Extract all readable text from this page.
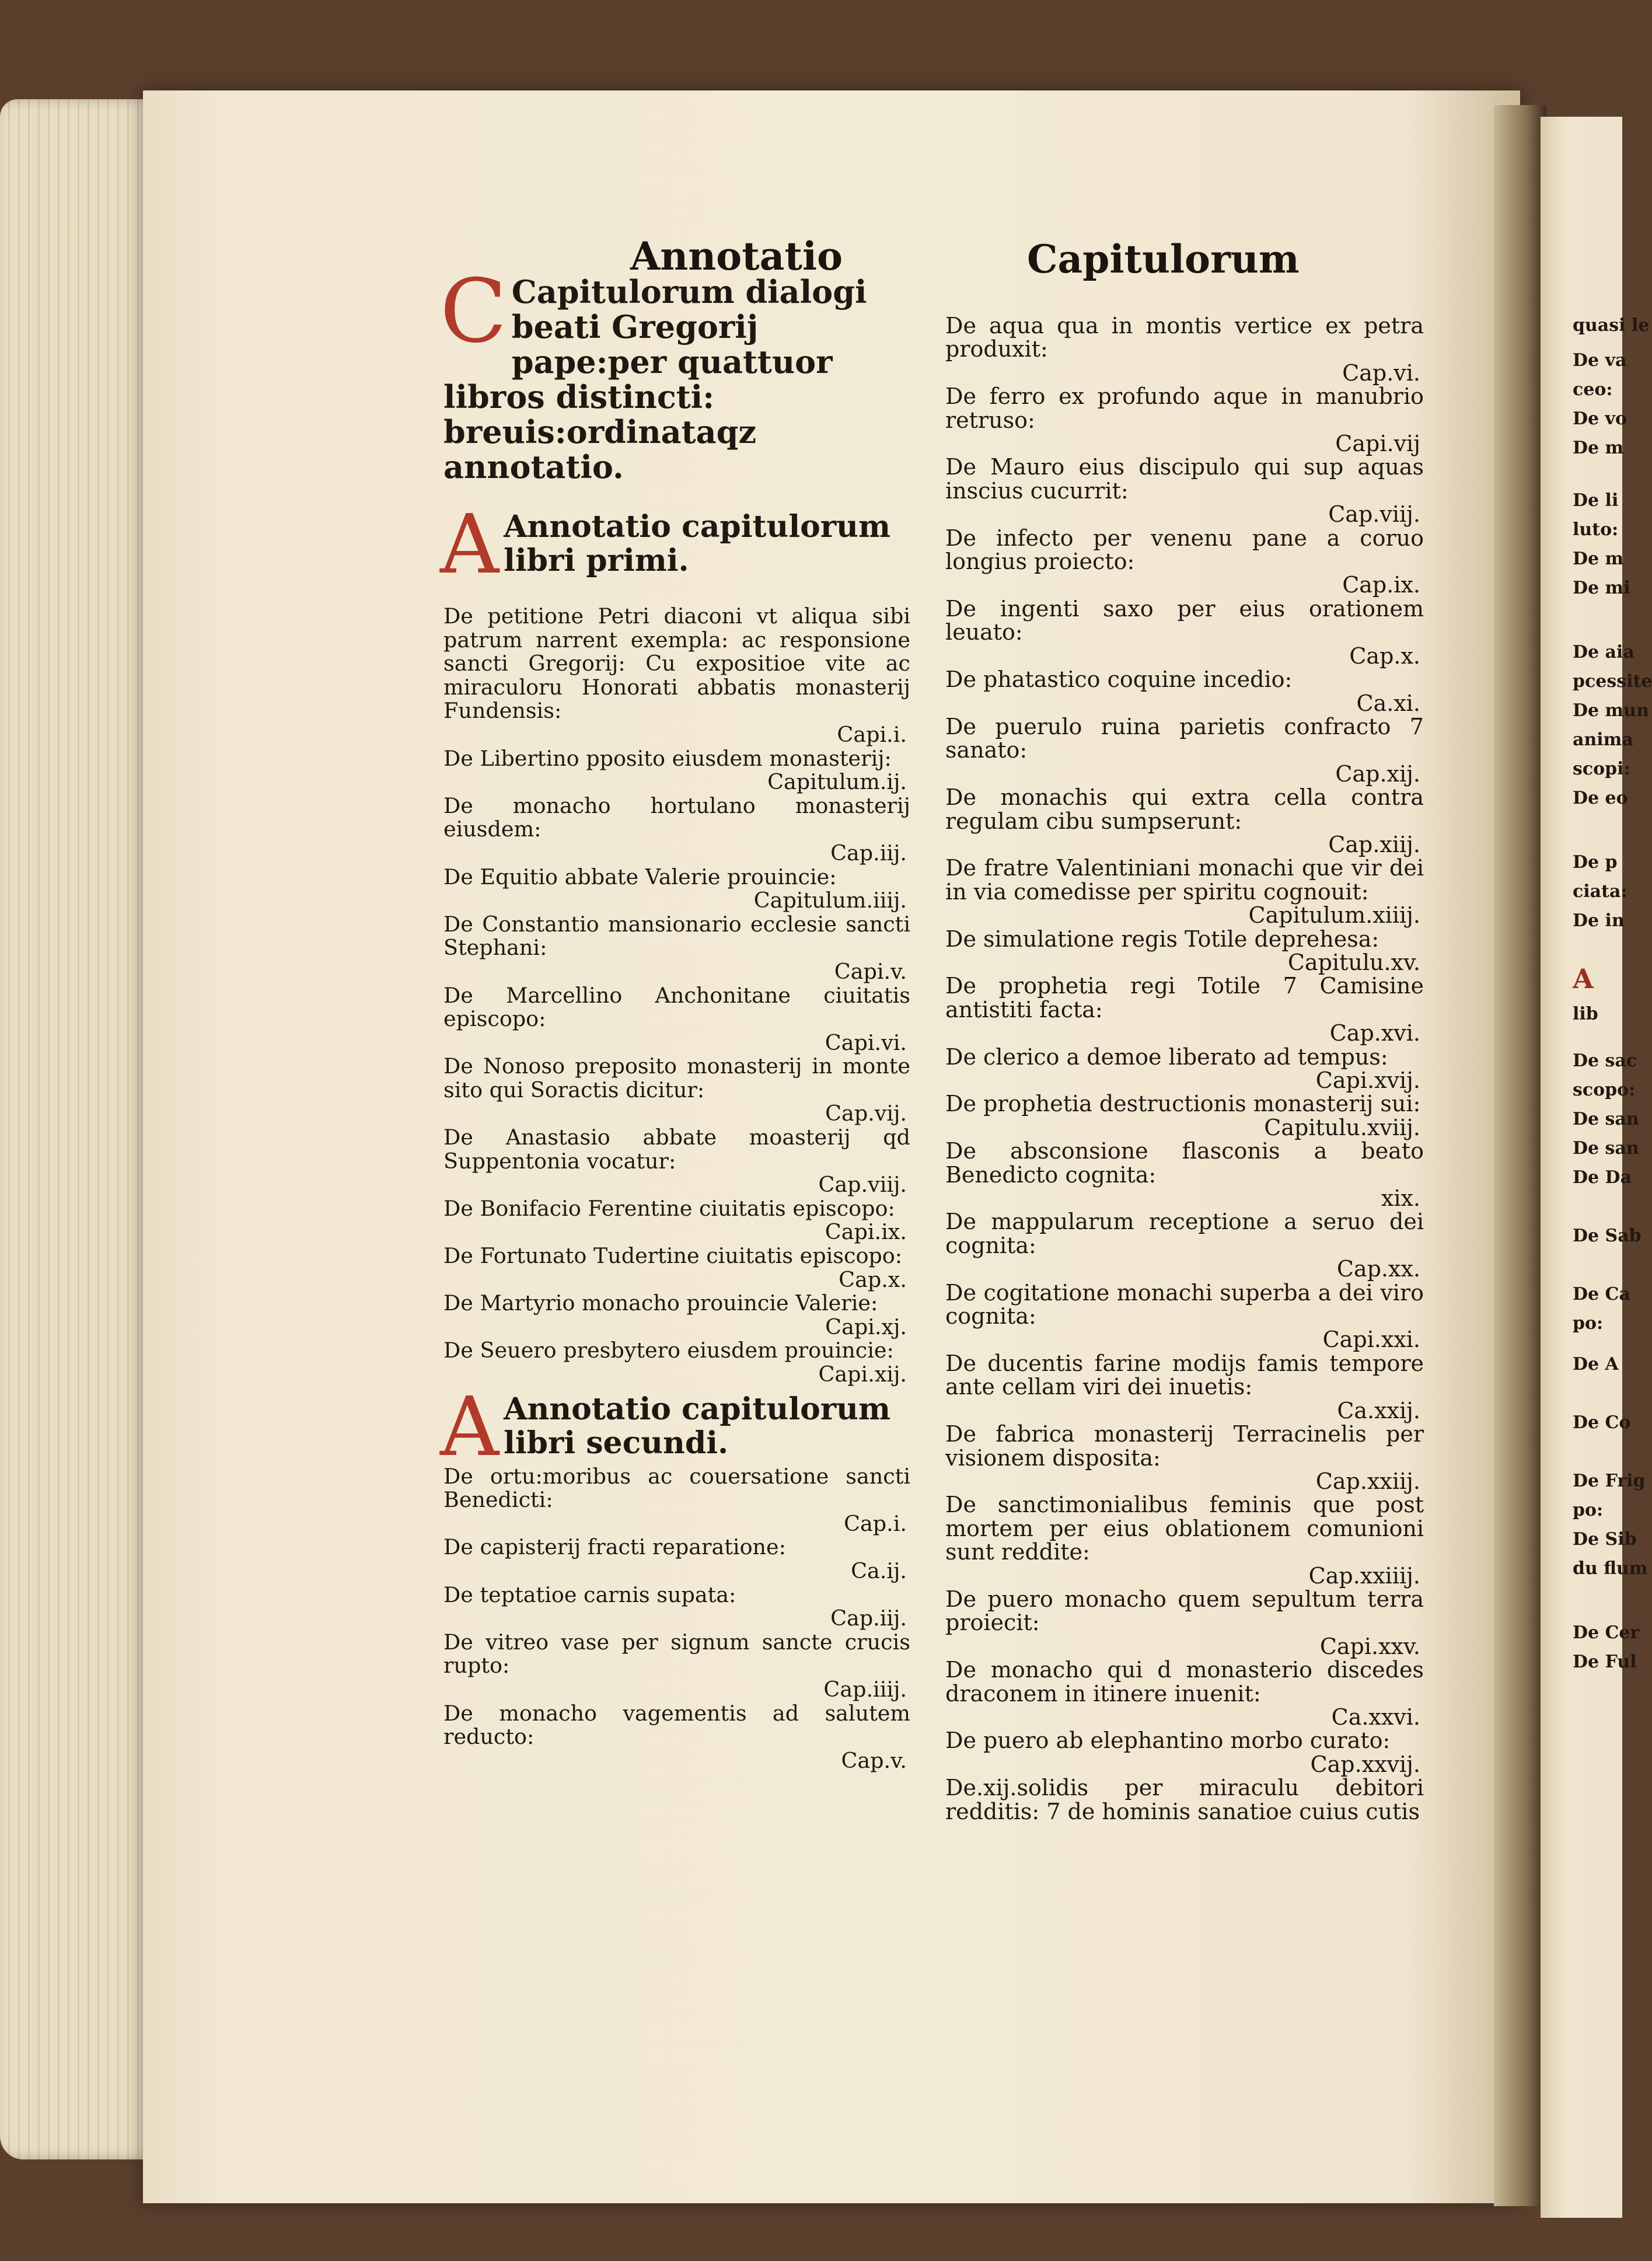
quasi le
De va
ceo:
De vo
De m
De li
luto:
De m
De mi
De aia
pcessite
De mun
anima
scopi:
De eo
De p
ciata:
De in
A
lib
De sac
scopo:
De san
De san
De Da
De Sab
De Ca
po:
De A
De Co
De Frig
po:
De Sib
du flum
De Cer
De Ful
Annotatio	Capitulorum
C Capitulorum dialogi beati Gregorij pape:per quattuor libros distincti: breuis:ordinataqz annotatio.
A Annotatio capitulorum libri primi.
De petitione Petri diaconi vt aliqua sibi patrum narrent exempla: ac responsione sancti Gregorij: Cu expositioe vite ac miraculoru Honorati abbatis monasterij Fundensis:
Capi.i.
De Libertino pposito eiusdem monasterij:
Capitulum.ij.
De monacho hortulano monasterij eiusdem:
Cap.iij.
De Equitio abbate Valerie prouincie:
Capitulum.iiij.
De Constantio mansionario ecclesie sancti Stephani:
Capi.v.
De Marcellino Anchonitane ciuitatis episcopo:
Capi.vi.
De Nonoso preposito monasterij in monte sito qui Soractis dicitur:
Cap.vij.
De Anastasio abbate moasterij qd Suppentonia vocatur:
Cap.viij.
De Bonifacio Ferentine ciuitatis episcopo:
Capi.ix.
De Fortunato Tudertine ciuitatis episcopo:
Cap.x.
De Martyrio monacho prouincie Valerie:
Capi.xj.
De Seuero presbytero eiusdem prouincie:
Capi.xij.
A Annotatio capitulorum libri secundi.
De ortu:moribus ac couersatione sancti Benedicti:
Cap.i.
De capisterij fracti reparatione:
Ca.ij.
De teptatioe carnis supata:
Cap.iij.
De vitreo vase per signum sancte crucis rupto:
Cap.iiij.
De monacho vagementis ad salutem reducto:
Cap.v.
De aqua qua in montis vertice ex petra produxit:
Cap.vi.
De ferro ex profundo aque in manubrio retruso:
Capi.vij
De Mauro eius discipulo qui sup aquas inscius cucurrit:
Cap.viij.
De infecto per venenu pane a coruo longius proiecto:
Cap.ix.
De ingenti saxo per eius orationem leuato:
Cap.x.
De phatastico coquine incedio:
Ca.xi.
De puerulo ruina parietis confracto 7 sanato:
Cap.xij.
De monachis qui extra cella contra regulam cibu sumpserunt:
Cap.xiij.
De fratre Valentiniani monachi que vir dei in via comedisse per spiritu cognouit:
Capitulum.xiiij.
De simulatione regis Totile deprehesa:
Capitulu.xv.
De prophetia regi Totile 7 Camisine antistiti facta:
Cap.xvi.
De clerico a demoe liberato ad tempus:
Capi.xvij.
De prophetia destructionis monasterij sui:
Capitulu.xviij.
De absconsione flasconis a beato Benedicto cognita:
xix.
De mappularum receptione a seruo dei cognita:
Cap.xx.
De cogitatione monachi superba a dei viro cognita:
Capi.xxi.
De ducentis farine modijs famis tempore ante cellam viri dei inuetis:
Ca.xxij.
De fabrica monasterij Terracinelis per visionem disposita:
Cap.xxiij.
De sanctimonialibus feminis que post mortem per eius oblationem comunioni sunt reddite:
Cap.xxiiij.
De puero monacho quem sepultum terra proiecit:
Capi.xxv.
De monacho qui d monasterio discedes draconem in itinere inuenit:
Ca.xxvi.
De puero ab elephantino morbo curato:
Cap.xxvij.
De.xij.solidis per miraculu debitori redditis: 7 de hominis sanatioe cuius cutis
